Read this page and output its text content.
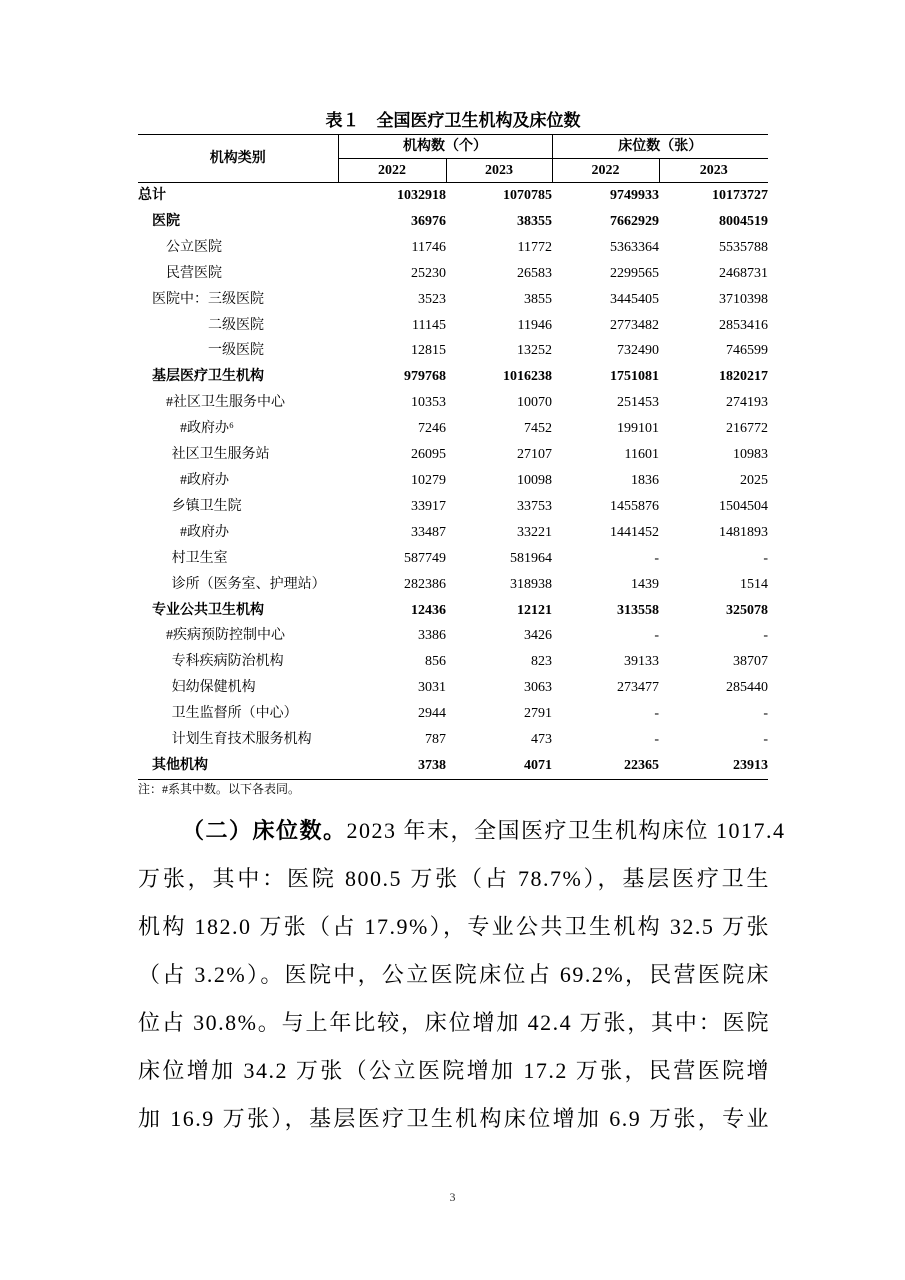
表１　全国医疗卫生机构及床位数
机构类别	机构数（个）		床位数（张）	
	2022	2023	2022	2023
总计	1032918	1070785	9749933	10173727
医院	36976	38355	7662929	8004519
公立医院	11746	11772	5363364	5535788
民营医院	25230	26583	2299565	2468731
医院中：三级医院	3523	3855	3445405	3710398
二级医院	11145	11946	2773482	2853416
一级医院	12815	13252	732490	746599
基层医疗卫生机构	979768	1016238	1751081	1820217
#社区卫生服务中心	10353	10070	251453	274193
#政府办⁶	7246	7452	199101	216772
社区卫生服务站	26095	27107	11601	10983
#政府办	10279	10098	1836	2025
乡镇卫生院	33917	33753	1455876	1504504
#政府办	33487	33221	1441452	1481893
村卫生室	587749	581964	-	-
诊所（医务室、护理站）	282386	318938	1439	1514
专业公共卫生机构	12436	12121	313558	325078
#疾病预防控制中心	3386	3426	-	-
专科疾病防治机构	856	823	39133	38707
妇幼保健机构	3031	3063	273477	285440
卫生监督所（中心）	2944	2791	-	-
计划生育技术服务机构	787	473	-	-
其他机构	3738	4071	22365	23913
注：#系其中数。以下各表同。
（二）床位数。2023 年末，全国医疗卫生机构床位 1017.4
万张，其中：医院 800.5 万张（占 78.7%），基层医疗卫生
机构 182.0 万张（占 17.9%），专业公共卫生机构 32.5 万张
（占 3.2%）。医院中，公立医院床位占 69.2%，民营医院床
位占 30.8%。与上年比较，床位增加 42.4 万张，其中：医院
床位增加 34.2 万张（公立医院增加 17.2 万张，民营医院增
加 16.9 万张），基层医疗卫生机构床位增加 6.9 万张，专业
3
